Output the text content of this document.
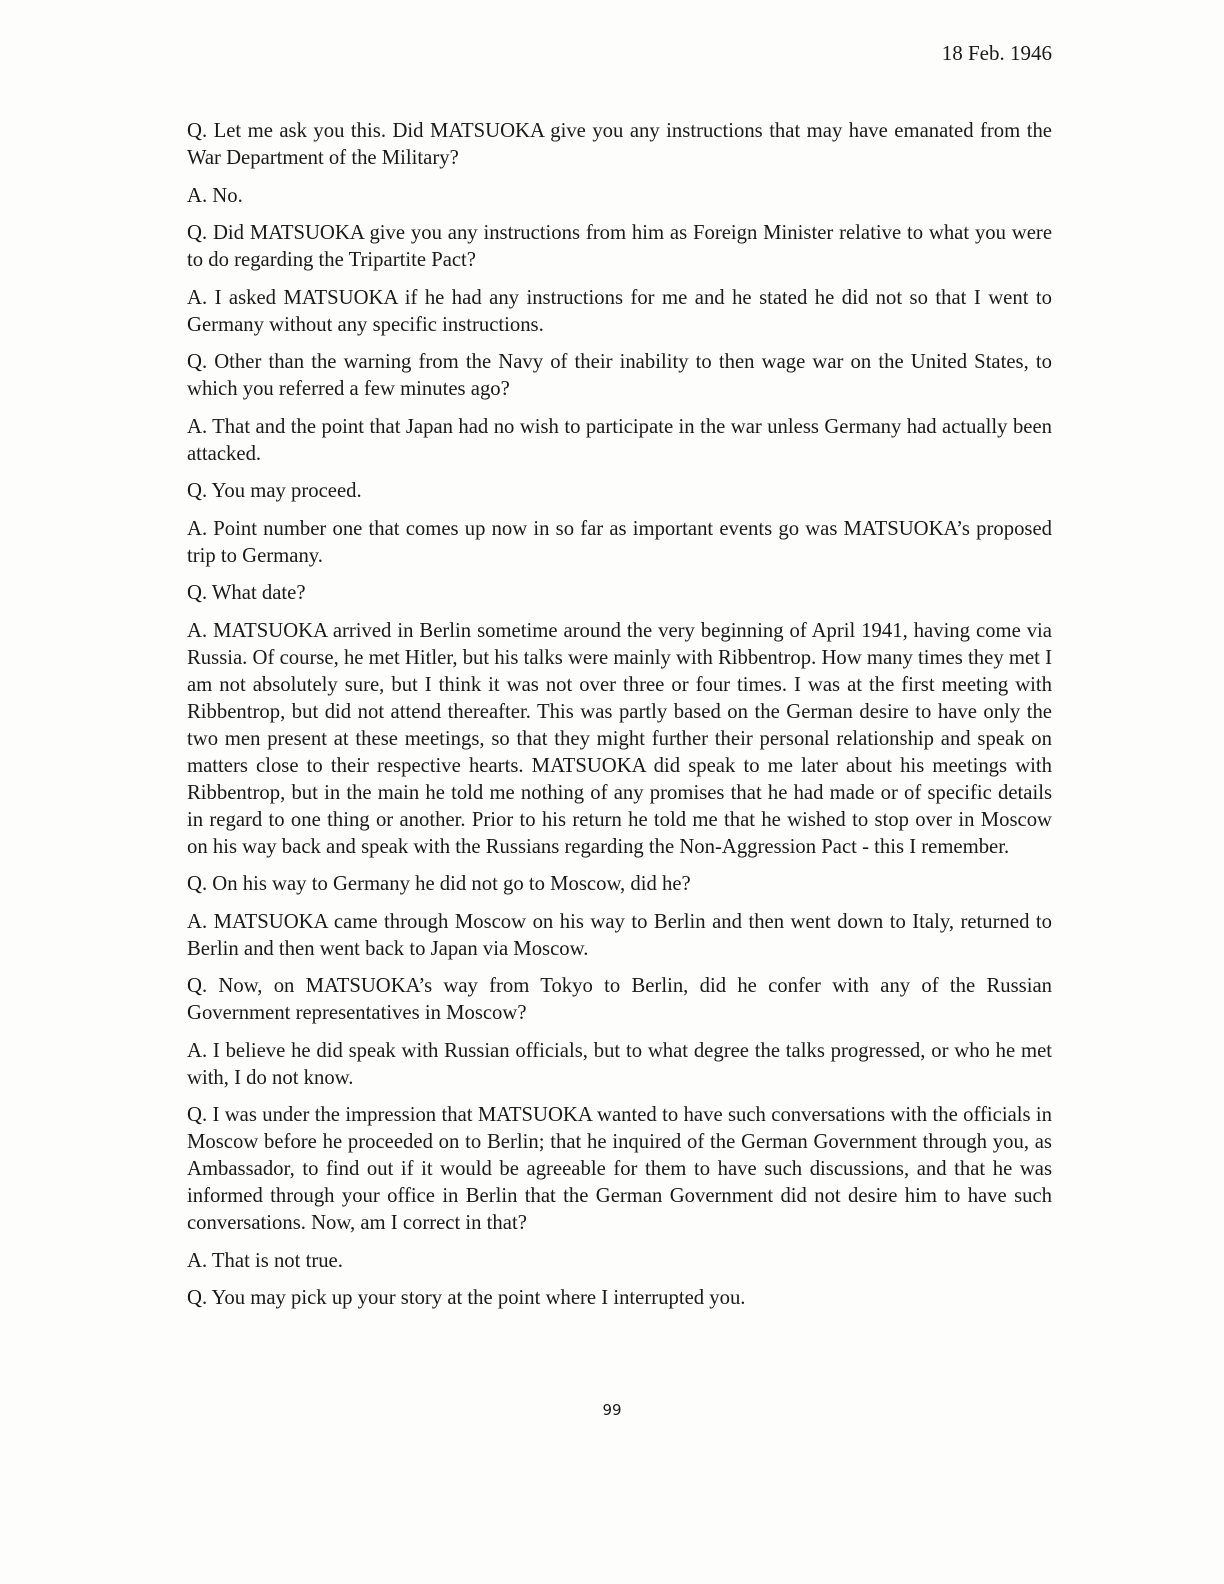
18 Feb. 1946

Q. Let me ask you this. Did MATSUOKA give you any instructions that may have emanated from the War Department of the Military?

A. No.

Q. Did MATSUOKA give you any instructions from him as Foreign Minister relative to what you were to do regarding the Tripartite Pact?

A. I asked MATSUOKA if he had any instructions for me and he stated he did not so that I went to Germany without any specific instructions.

Q. Other than the warning from the Navy of their inability to then wage war on the United States, to which you referred a few minutes ago?

A. That and the point that Japan had no wish to participate in the war unless Germany had actually been attacked.

Q. You may proceed.

A. Point number one that comes up now in so far as important events go was MATSUOKA’s proposed trip to Germany.

Q. What date?

A. MATSUOKA arrived in Berlin sometime around the very beginning of April 1941, having come via Russia. Of course, he met Hitler, but his talks were mainly with Ribbentrop. How many times they met I am not absolutely sure, but I think it was not over three or four times. I was at the first meeting with Ribbentrop, but did not attend thereafter. This was partly based on the German desire to have only the two men present at these meetings, so that they might further their personal relationship and speak on matters close to their respective hearts. MATSUOKA did speak to me later about his meetings with Ribbentrop, but in the main he told me nothing of any promises that he had made or of specific details in regard to one thing or another. Prior to his return he told me that he wished to stop over in Moscow on his way back and speak with the Russians regarding the Non-Aggression Pact - this I remember.

Q. On his way to Germany he did not go to Moscow, did he?

A. MATSUOKA came through Moscow on his way to Berlin and then went down to Italy, returned to Berlin and then went back to Japan via Moscow.

Q. Now, on MATSUOKA’s way from Tokyo to Berlin, did he confer with any of the Russian Government representatives in Moscow?

A. I believe he did speak with Russian officials, but to what degree the talks progressed, or who he met with, I do not know.

Q. I was under the impression that MATSUOKA wanted to have such conversations with the officials in Moscow before he proceeded on to Berlin; that he inquired of the German Government through you, as Ambassador, to find out if it would be agreeable for them to have such discussions, and that he was informed through your office in Berlin that the German Government did not desire him to have such conversations. Now, am I correct in that?

A. That is not true.

Q. You may pick up your story at the point where I interrupted you.

99
